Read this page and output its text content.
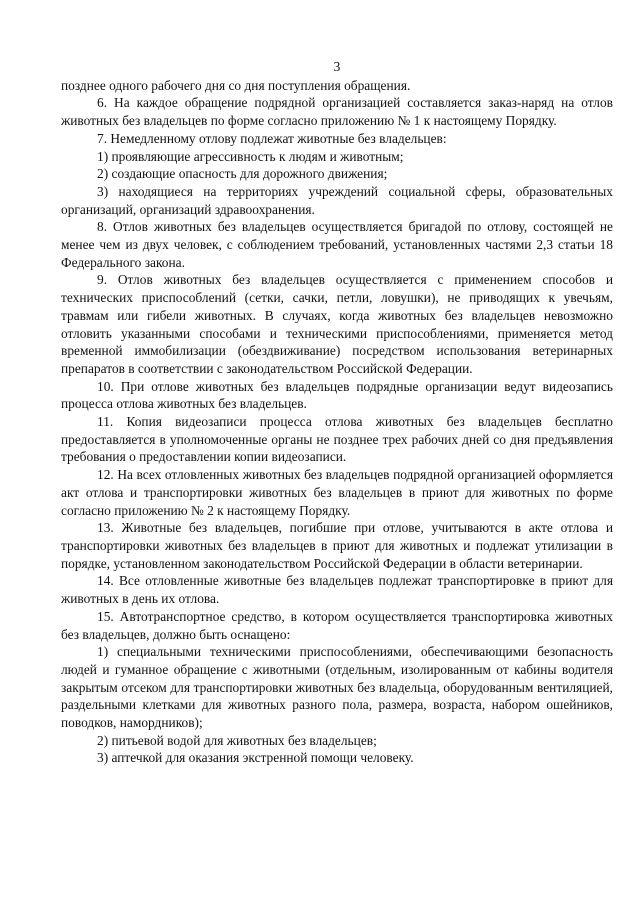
3

позднее одного рабочего дня со дня поступления обращения.

6. На каждое обращение подрядной организацией составляется заказ-наряд на отлов животных без владельцев по форме согласно приложению № 1 к настоящему Порядку.

7. Немедленному отлову подлежат животные без владельцев:

1) проявляющие агрессивность к людям и животным;

2) создающие опасность для дорожного движения;

3) находящиеся на территориях учреждений социальной сферы, образовательных организаций, организаций здравоохранения.

8. Отлов животных без владельцев осуществляется бригадой по отлову, состоящей не менее чем из двух человек, с соблюдением требований, установленных частями 2,3 статьи 18 Федерального закона.

9. Отлов животных без владельцев осуществляется с применением способов и технических приспособлений (сетки, сачки, петли, ловушки), не приводящих к увечьям, травмам или гибели животных. В случаях, когда животных без владельцев невозможно отловить указанными способами и техническими приспособлениями, применяется метод временной иммобилизации (обездвиживание) посредством использования ветеринарных препаратов в соответствии с законодательством Российской Федерации.

10. При отлове животных без владельцев подрядные организации ведут видеозапись процесса отлова животных без владельцев.

11. Копия видеозаписи процесса отлова животных без владельцев бесплатно предоставляется в уполномоченные органы не позднее трех рабочих дней со дня предъявления требования о предоставлении копии видеозаписи.

12. На всех отловленных животных без владельцев подрядной организацией оформляется акт отлова и транспортировки животных без владельцев в приют для животных по форме согласно приложению № 2 к настоящему Порядку.

13. Животные без владельцев, погибшие при отлове, учитываются в акте отлова и транспортировки животных без владельцев в приют для животных и подлежат утилизации в порядке, установленном законодательством Российской Федерации в области ветеринарии.

14. Все отловленные животные без владельцев подлежат транспортировке в приют для животных в день их отлова.

15. Автотранспортное средство, в котором осуществляется транспортировка животных без владельцев, должно быть оснащено:

1) специальными техническими приспособлениями, обеспечивающими безопасность людей и гуманное обращение с животными (отдельным, изолированным от кабины водителя закрытым отсеком для транспортировки животных без владельца, оборудованным вентиляцией, раздельными клетками для животных разного пола, размера, возраста, набором ошейников, поводков, намордников);

2) питьевой водой для животных без владельцев;

3) аптечкой для оказания экстренной помощи человеку.
